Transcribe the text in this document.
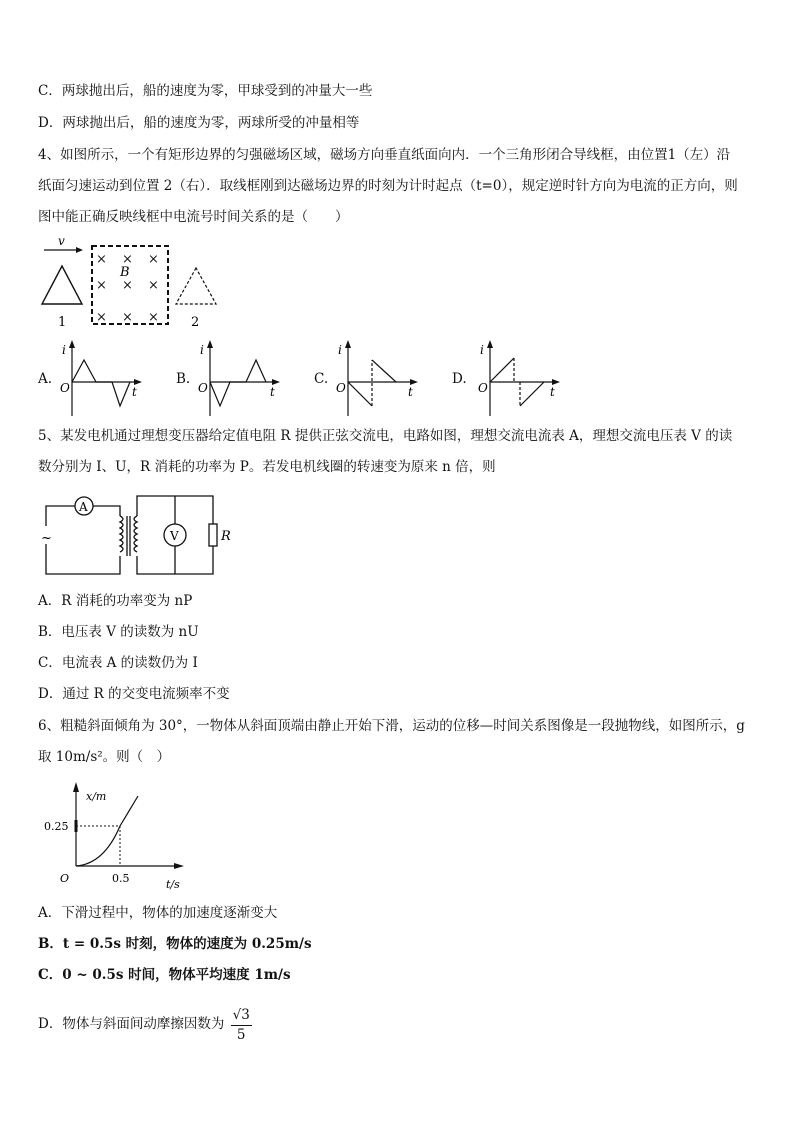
C．两球抛出后，船的速度为零，甲球受到的冲量大一些
D．两球抛出后，船的速度为零，两球所受的冲量相等
4、如图所示，一个有矩形边界的匀强磁场区域，磁场方向垂直纸面向内．一个三角形闭合导线框，由位置1（左）沿
纸面匀速运动到位置 2（右）．取线框刚到达磁场边界的时刻为计时起点（t=0），规定逆时针方向为电流的正方向，则
图中能正确反映线框中电流号时间关系的是（　　）
v
1
× × ×
× × ×
× × ×
B
2
A.
i
O	t
B.
i
O	t
C.
i
O	t
D.
i
O	t
5、某发电机通过理想变压器给定值电阻 R 提供正弦交流电，电路如图，理想交流电流表 A，理想交流电压表 V 的读
数分别为 I、U，R 消耗的功率为 P。若发电机线圈的转速变为原来 n 倍，则
A
~	V	R
A．R 消耗的功率变为 nP
B．电压表 V 的读数为 nU
C．电流表 A 的读数仍为 I
D．通过 R 的交变电流频率不变
6、粗糙斜面倾角为 30°，一物体从斜面顶端由静止开始下滑，运动的位移—时间关系图像是一段抛物线，如图所示，g
取 10m/s²。则（　）
x/m
0.25
O	0.5	t/s
A．下滑过程中，物体的加速度逐渐变大
B．t = 0.5s 时刻，物体的速度为 0.25m/s
C．0 ~ 0.5s 时间，物体平均速度 1m/s
D．物体与斜面间动摩擦因数为 $\frac{√3}{5}$
